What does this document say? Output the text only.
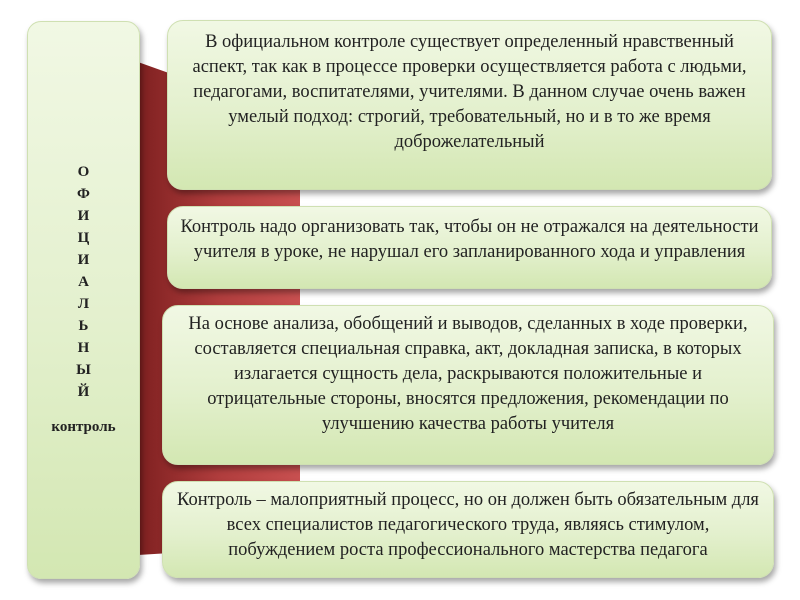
О
Ф
И
Ц
И
А
Л
Ь
Н
Ы
Й
контроль
В официальном контроле существует определенный нравственный аспект, так как в процессе проверки осуществляется работа с людьми, педагогами, воспитателями, учителями. В данном случае очень важен умелый подход: строгий, требовательный, но и в то же время доброжелательный
Контроль надо организовать так, чтобы он не отражался на деятельности учителя в уроке, не нарушал его запланированного хода и управления
На основе анализа, обобщений и выводов, сделанных в ходе проверки, составляется специальная справка, акт, докладная записка, в которых излагается сущность дела, раскрываются положительные и отрицательные стороны, вносятся предложения, рекомендации по улучшению качества работы учителя
Контроль – малоприятный процесс, но он должен быть обязательным для всех специалистов педагогического труда, являясь стимулом, побуждением роста профессионального мастерства педагога
